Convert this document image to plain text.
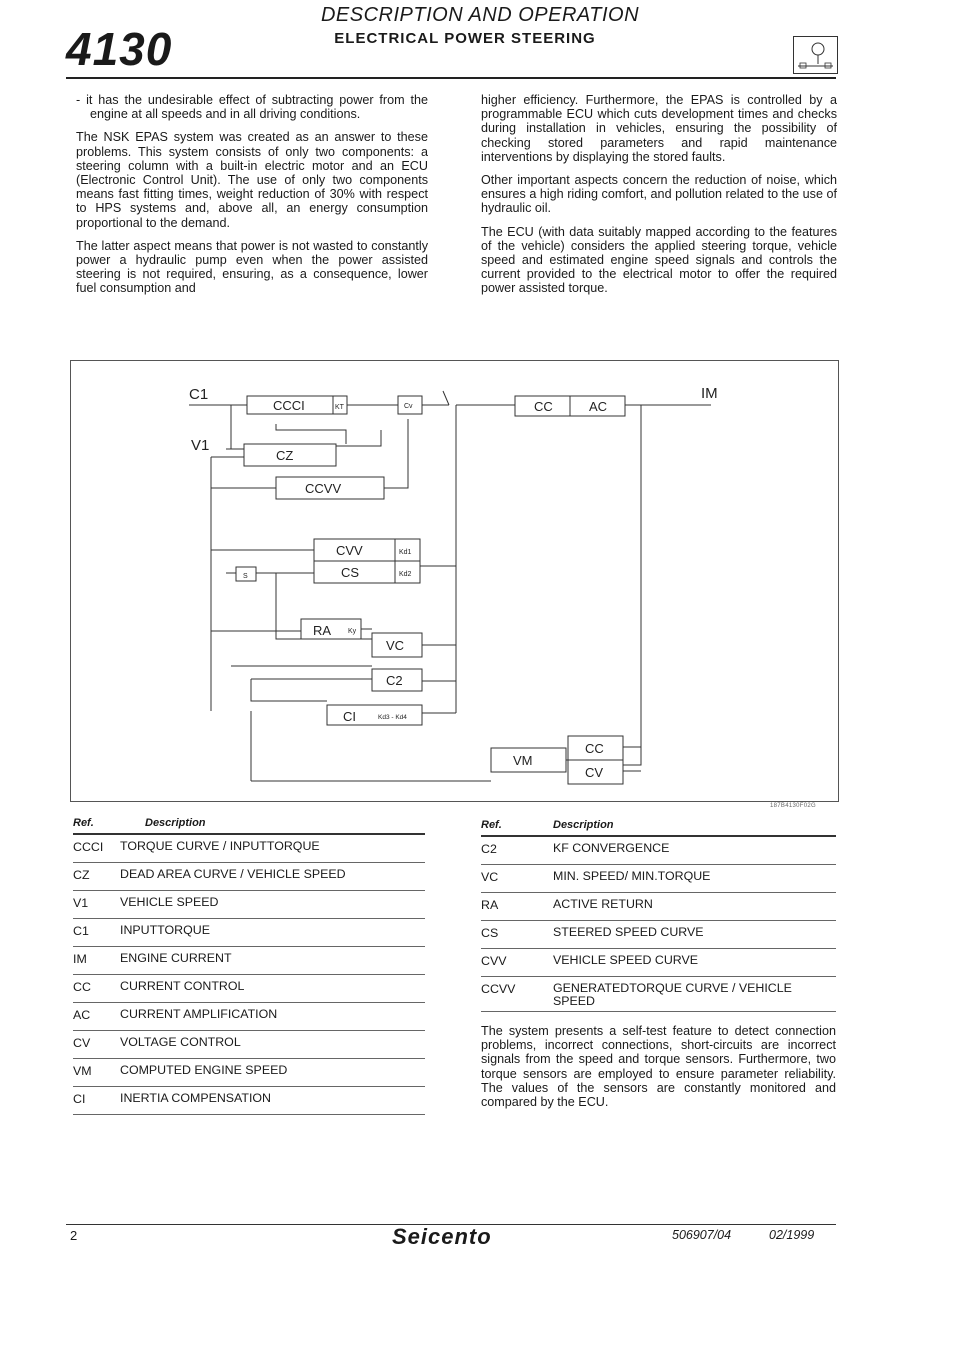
4130
DESCRIPTION AND OPERATION
ELECTRICAL POWER STEERING

- it has the undesirable effect of subtracting power from the engine at all speeds and in all driving conditions.

The NSK EPAS system was created as an answer to these problems. This system consists of only two components: a steering column with a built-in electric motor and an ECU (Electronic Control Unit). The use of only two components means fast fitting times, weight reduction of 30% with respect to HPS systems and, above all, an energy consumption proportional to the demand.

The latter aspect means that power is not wasted to constantly power a hydraulic pump even when the power assisted steering is not required, ensuring, as a consequence, lower fuel consumption and

higher efficiency. Furthermore, the EPAS is controlled by a programmable ECU which cuts development times and checks during installation in vehicles, ensuring the possibility of checking stored parameters and rapid maintenance interventions by displaying the stored faults.

Other important aspects concern the reduction of noise, which ensures a high riding comfort, and pollution related to the use of hydraulic oil.

The ECU (with data suitably mapped according to the features of the vehicle) considers the applied steering torque, vehicle speed and estimated engine speed signals and controls the current provided to the electrical motor to offer the required power assisted torque.

C1
V1
CCCI	KT	Cv
CZ
CCVV
CVV	Kd1
CS	Kd2
S
RA Ky
VC
C2
CI	Kd3 - Kd4
CC	AC
IM
VM
CC
CV
187B4130F02G
Ref.	Description
CCCI TORQUE CURVE / INPUTTORQUE
CZ DEAD AREA CURVE / VEHICLE SPEED
V1	VEHICLE SPEED
C1	INPUTTORQUE
IM	ENGINE CURRENT
CC CURRENT CONTROL
AC CURRENT AMPLIFICATION
CV VOLTAGE CONTROL
VM COMPUTED ENGINE SPEED
CI	INERTIA COMPENSATION
Ref.	Description
C2	KF CONVERGENCE
VC	MIN. SPEED/ MIN.TORQUE
RA	ACTIVE RETURN
CS	STEERED SPEED CURVE
CVV	VEHICLE SPEED CURVE
CCVV	GENERATEDTORQUE CURVE / VEHICLE SPEED

The system presents a self-test feature to detect connection problems, incorrect connections, short-circuits are incorrect signals from the speed and torque sensors. Furthermore, two torque sensors are employed to ensure parameter reliability. The values of the sensors are constantly monitored and compared by the ECU.

2	Seicento	506907/04	02/1999
